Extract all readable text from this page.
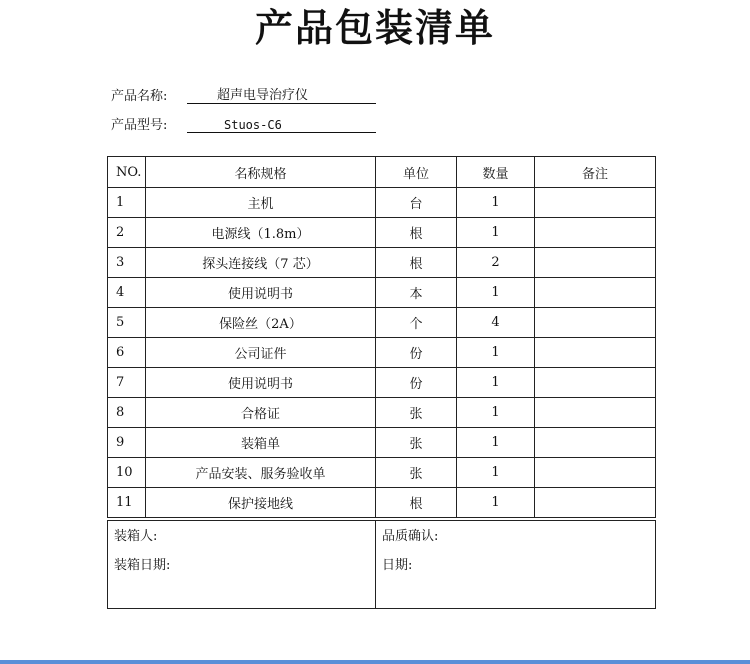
产品包装清单
产品名称:	超声电导治疗仪
产品型号:	Stuos-C6
NO.	名称规格	单位	数量	备注
1	主机	台	1	
2	电源线（1.8m）	根	1	
3	探头连接线（7 芯）	根	2	
4	使用说明书	本	1	
5	保险丝（2A）	个	4	
6	公司证件	份	1	
7	使用说明书	份	1	
8	合格证	张	1	
9	装箱单	张	1	
10	产品安装、服务验收单	张	1	
11	保护接地线	根	1	
装箱人:
装箱日期:
品质确认:
日期:
